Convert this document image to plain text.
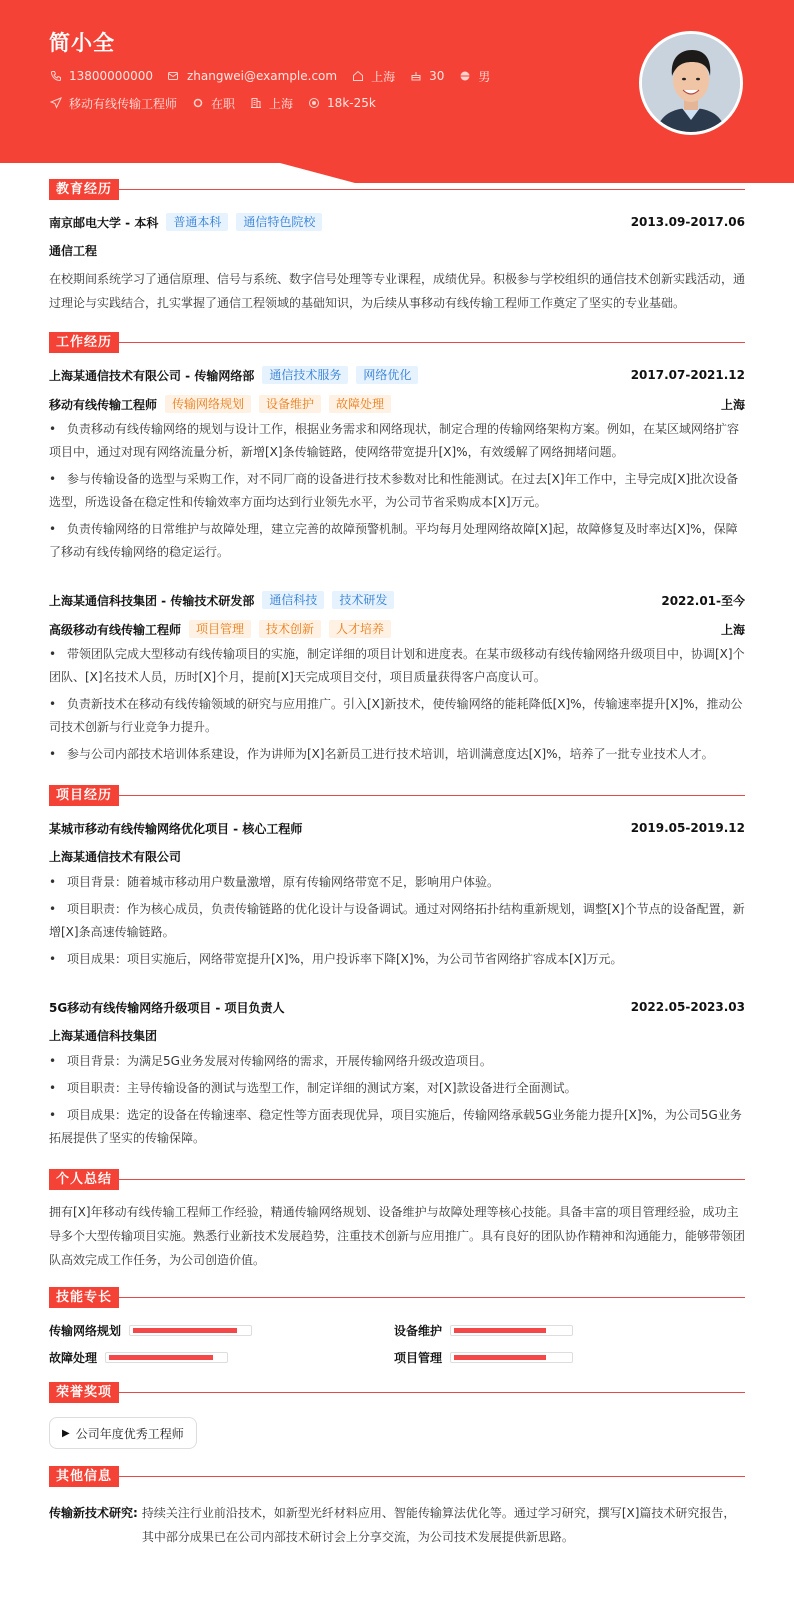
简小全
13800000000	zhangwei@example.com	上海	30	男
移动有线传输工程师	在职	上海	18k-25k
教育经历
南京邮电大学 - 本科	普通本科	通信特色院校	2013.09-2017.06
通信工程
在校期间系统学习了通信原理、信号与系统、数字信号处理等专业课程，成绩优异。积极参与学校组织的通信技术创新实践活动，通过理论与实践结合，扎实掌握了通信工程领域的基础知识，为后续从事移动有线传输工程师工作奠定了坚实的专业基础。
工作经历
上海某通信技术有限公司 - 传输网络部	通信技术服务	网络优化	2017.07-2021.12
移动有线传输工程师	传输网络规划	设备维护	故障处理	上海
• 负责移动有线传输网络的规划与设计工作，根据业务需求和网络现状，制定合理的传输网络架构方案。例如，在某区域网络扩容项目中，通过对现有网络流量分析，新增[X]条传输链路，使网络带宽提升[X]%，有效缓解了网络拥堵问题。
• 参与传输设备的选型与采购工作，对不同厂商的设备进行技术参数对比和性能测试。在过去[X]年工作中，主导完成[X]批次设备选型，所选设备在稳定性和传输效率方面均达到行业领先水平，为公司节省采购成本[X]万元。
• 负责传输网络的日常维护与故障处理，建立完善的故障预警机制。平均每月处理网络故障[X]起，故障修复及时率达[X]%，保障了移动有线传输网络的稳定运行。
上海某通信科技集团 - 传输技术研发部	通信科技	技术研发	2022.01-至今
高级移动有线传输工程师	项目管理	技术创新	人才培养	上海
• 带领团队完成大型移动有线传输项目的实施，制定详细的项目计划和进度表。在某市级移动有线传输网络升级项目中，协调[X]个团队、[X]名技术人员，历时[X]个月，提前[X]天完成项目交付，项目质量获得客户高度认可。
• 负责新技术在移动有线传输领域的研究与应用推广。引入[X]新技术，使传输网络的能耗降低[X]%，传输速率提升[X]%，推动公司技术创新与行业竞争力提升。
• 参与公司内部技术培训体系建设，作为讲师为[X]名新员工进行技术培训，培训满意度达[X]%，培养了一批专业技术人才。
项目经历
某城市移动有线传输网络优化项目 - 核心工程师	2019.05-2019.12
上海某通信技术有限公司
• 项目背景：随着城市移动用户数量激增，原有传输网络带宽不足，影响用户体验。
• 项目职责：作为核心成员，负责传输链路的优化设计与设备调试。通过对网络拓扑结构重新规划，调整[X]个节点的设备配置，新增[X]条高速传输链路。
• 项目成果：项目实施后，网络带宽提升[X]%，用户投诉率下降[X]%，为公司节省网络扩容成本[X]万元。
5G移动有线传输网络升级项目 - 项目负责人	2022.05-2023.03
上海某通信科技集团
• 项目背景：为满足5G业务发展对传输网络的需求，开展传输网络升级改造项目。
• 项目职责：主导传输设备的测试与选型工作，制定详细的测试方案，对[X]款设备进行全面测试。
• 项目成果：选定的设备在传输速率、稳定性等方面表现优异，项目实施后，传输网络承载5G业务能力提升[X]%，为公司5G业务拓展提供了坚实的传输保障。
个人总结
拥有[X]年移动有线传输工程师工作经验，精通传输网络规划、设备维护与故障处理等核心技能。具备丰富的项目管理经验，成功主导多个大型传输项目实施。熟悉行业新技术发展趋势，注重技术创新与应用推广。具有良好的团队协作精神和沟通能力，能够带领团队高效完成工作任务，为公司创造价值。
技能专长
传输网络规划	设备维护
故障处理	项目管理
荣誉奖项
▶ 公司年度优秀工程师
其他信息
传输新技术研究: 持续关注行业前沿技术，如新型光纤材料应用、智能传输算法优化等。通过学习研究，撰写[X]篇技术研究报告，其中部分成果已在公司内部技术研讨会上分享交流，为公司技术发展提供新思路。
